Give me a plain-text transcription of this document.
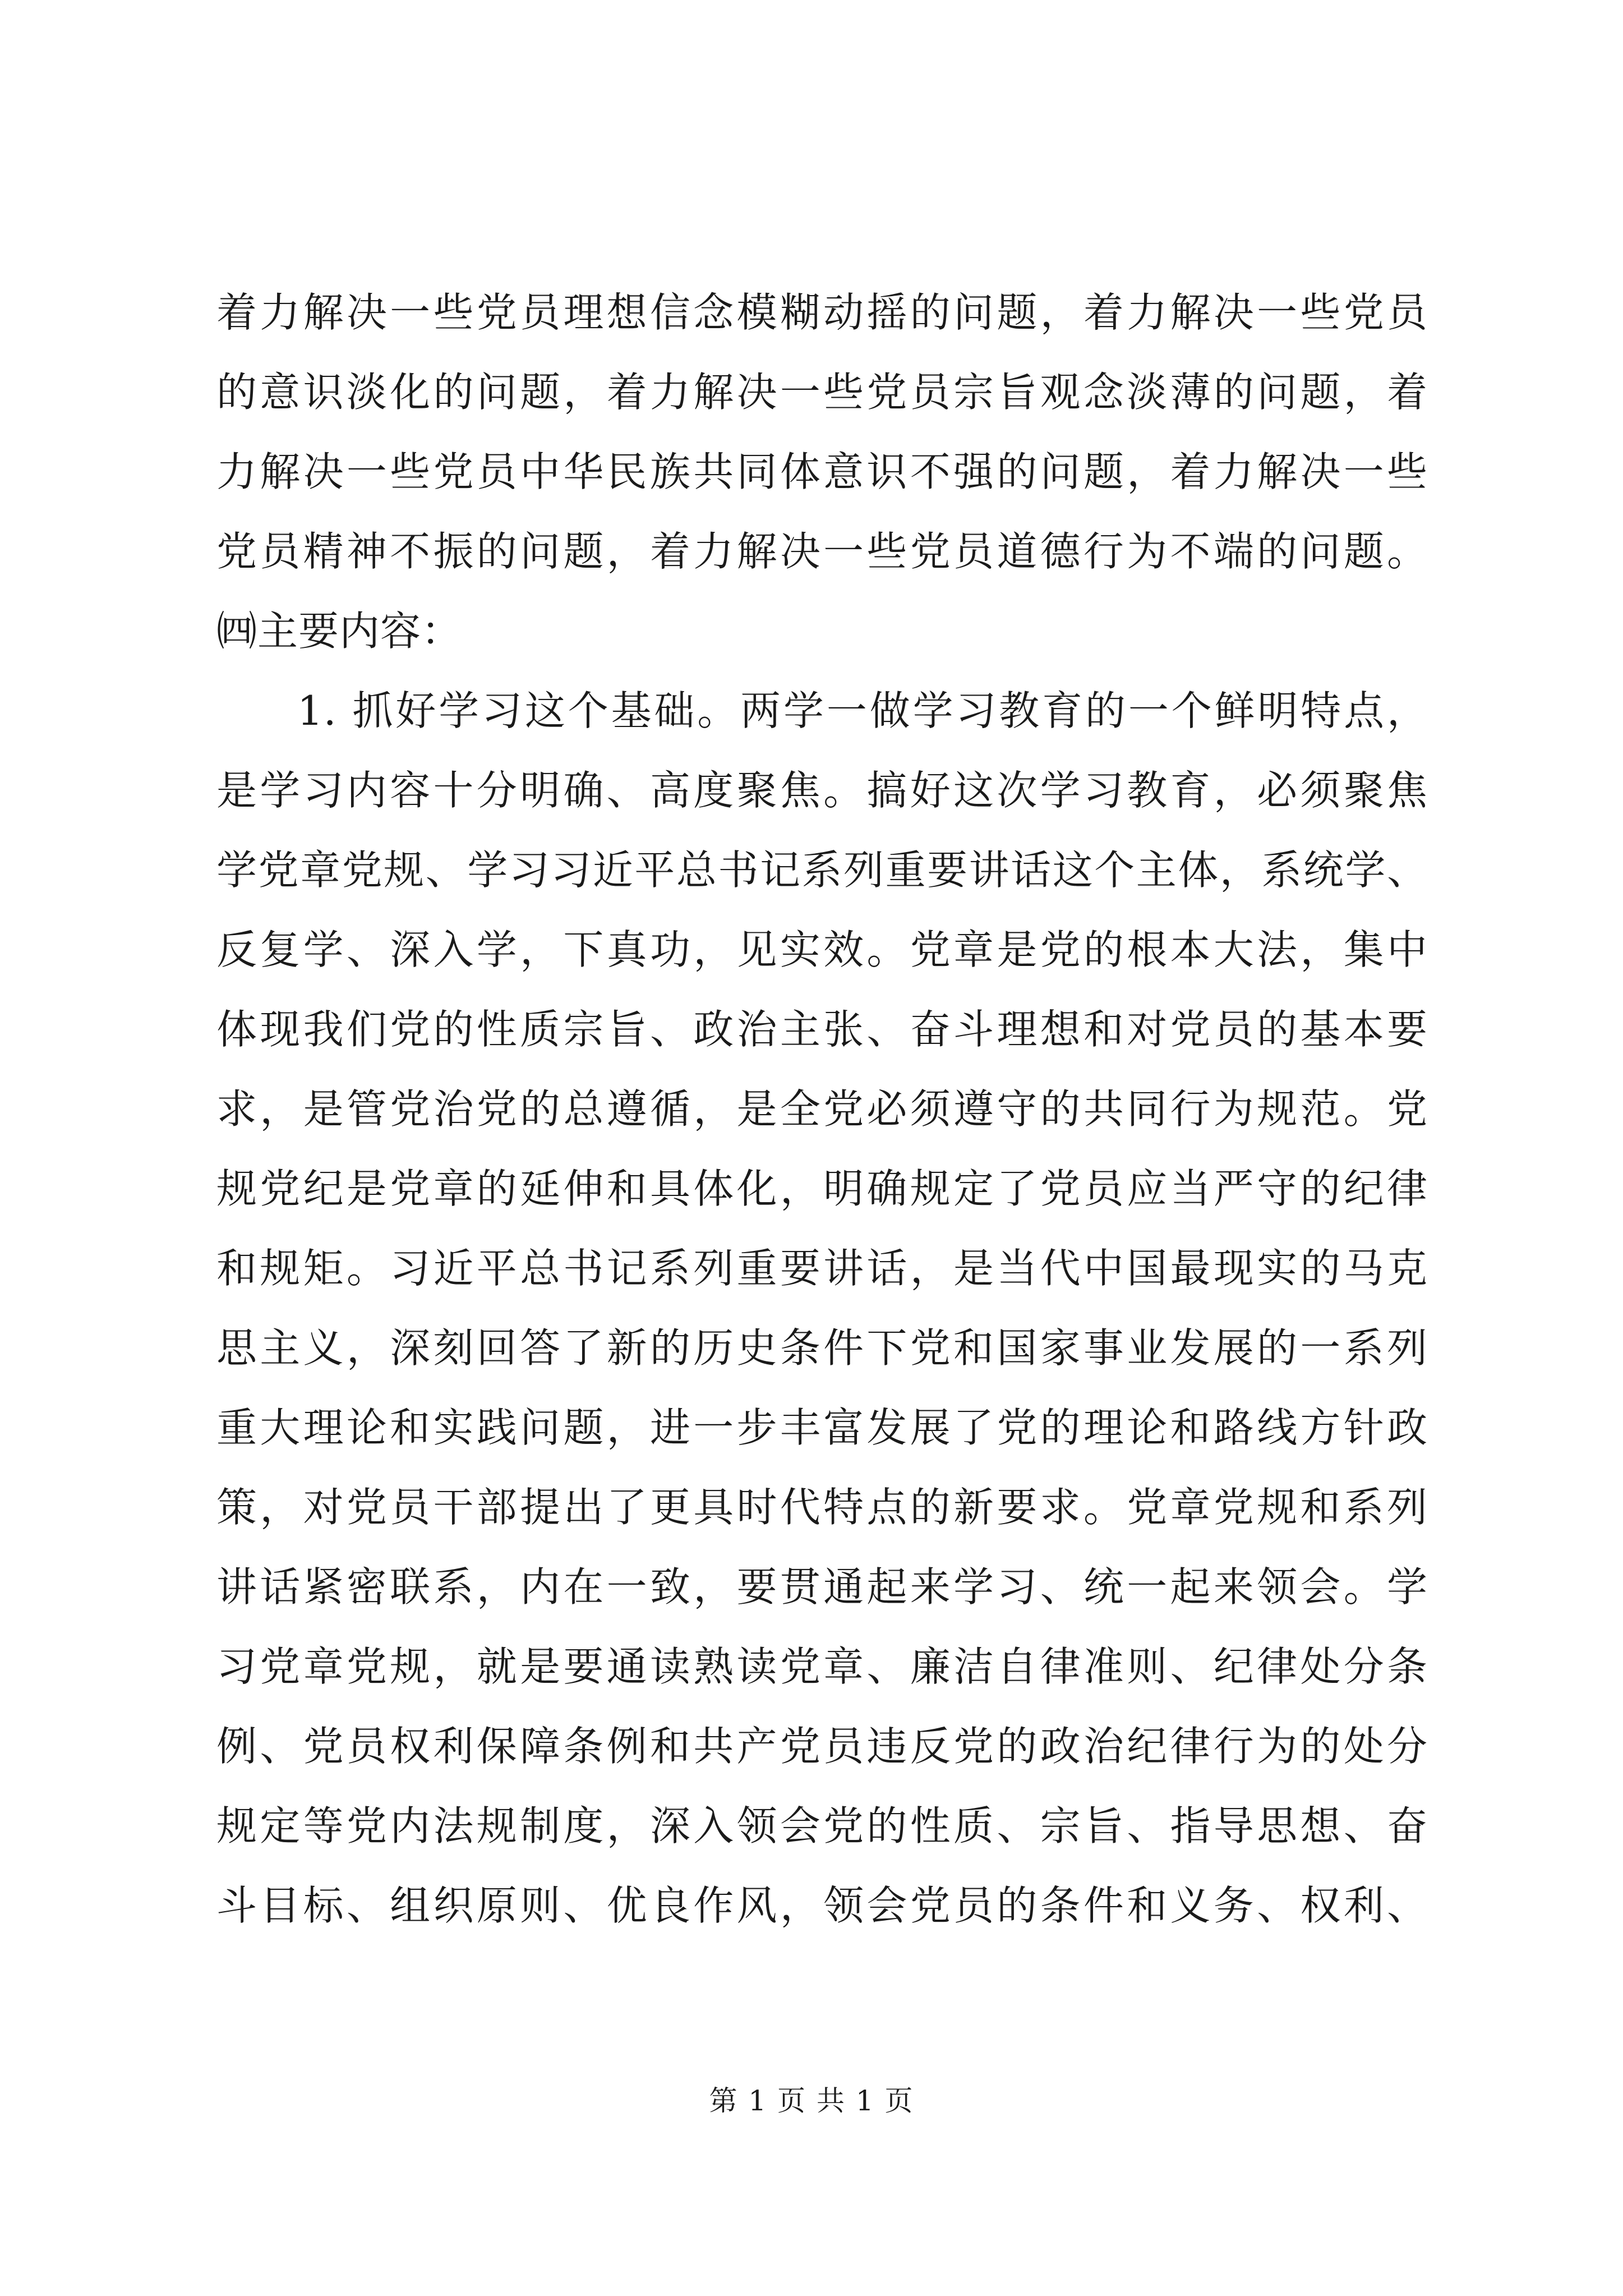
着力解决一些党员理想信念模糊动摇的问题，着力解决一些党员
的意识淡化的问题，着力解决一些党员宗旨观念淡薄的问题，着
力解决一些党员中华民族共同体意识不强的问题，着力解决一些
党员精神不振的问题，着力解决一些党员道德行为不端的问题。
㈣主要内容：
1. 抓好学习这个基础。两学一做学习教育的一个鲜明特点，
是学习内容十分明确、高度聚焦。搞好这次学习教育，必须聚焦
学党章党规、学习习近平总书记系列重要讲话这个主体，系统学、
反复学、深入学，下真功，见实效。党章是党的根本大法，集中
体现我们党的性质宗旨、政治主张、奋斗理想和对党员的基本要
求，是管党治党的总遵循，是全党必须遵守的共同行为规范。党
规党纪是党章的延伸和具体化，明确规定了党员应当严守的纪律
和规矩。习近平总书记系列重要讲话，是当代中国最现实的马克
思主义，深刻回答了新的历史条件下党和国家事业发展的一系列
重大理论和实践问题，进一步丰富发展了党的理论和路线方针政
策，对党员干部提出了更具时代特点的新要求。党章党规和系列
讲话紧密联系，内在一致，要贯通起来学习、统一起来领会。学
习党章党规，就是要通读熟读党章、廉洁自律准则、纪律处分条
例、党员权利保障条例和共产党员违反党的政治纪律行为的处分
规定等党内法规制度，深入领会党的性质、宗旨、指导思想、奋
斗目标、组织原则、优良作风，领会党员的条件和义务、权利、
第 1 页 共 1 页
